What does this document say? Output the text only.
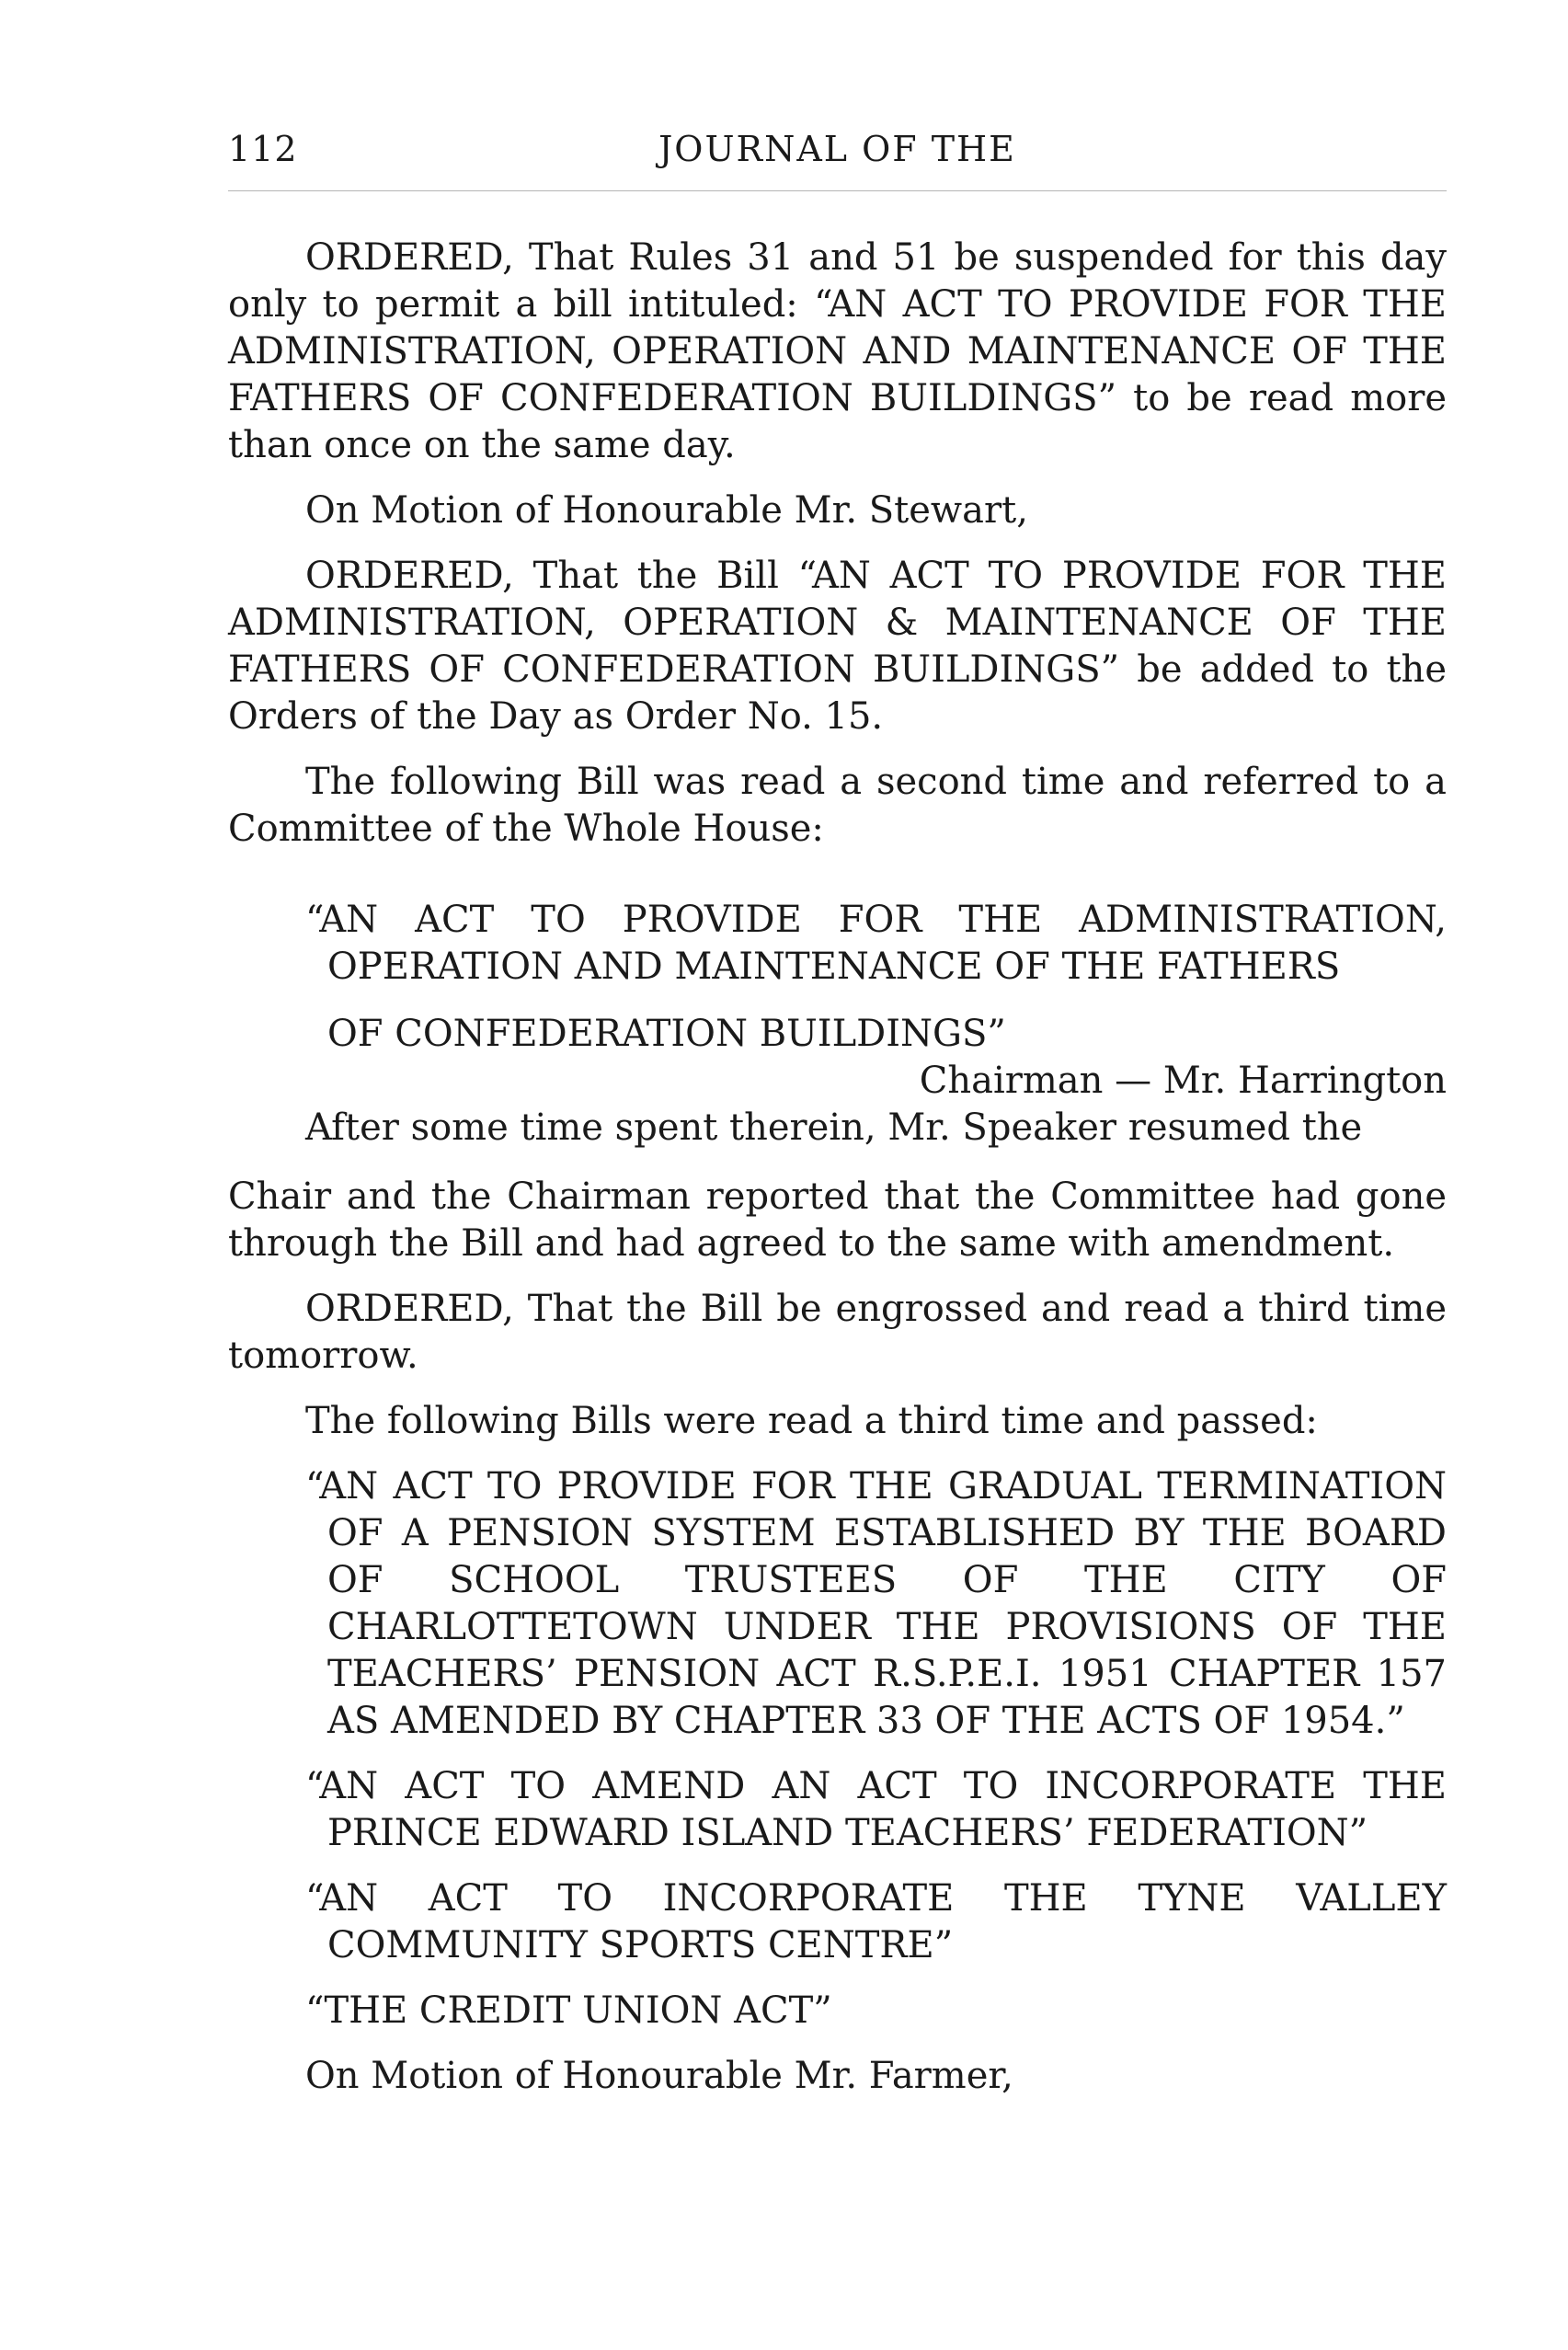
112	JOURNAL OF THE

ORDERED, That Rules 31 and 51 be suspended for this day only to permit a bill intituled: “AN ACT TO PROVIDE FOR THE ADMINISTRATION, OPERATION AND MAINTENANCE OF THE FATHERS OF CONFEDERATION BUILDINGS” to be read more than once on the same day.

On Motion of Honourable Mr. Stewart,

ORDERED, That the Bill “AN ACT TO PROVIDE FOR THE ADMINISTRATION, OPERATION & MAINTENANCE OF THE FATHERS OF CONFEDERATION BUILDINGS” be added to the Orders of the Day as Order No. 15.

The following Bill was read a second time and referred to a Committee of the Whole House:

“AN ACT TO PROVIDE FOR THE ADMINISTRATION, OPERATION AND MAINTENANCE OF THE FATHERS

OF CONFEDERATION BUILDINGS”

Chairman — Mr. Harrington

After some time spent therein, Mr. Speaker resumed the

Chair and the Chairman reported that the Committee had gone through the Bill and had agreed to the same with amendment.

ORDERED, That the Bill be engrossed and read a third time tomorrow.

The following Bills were read a third time and passed:

“AN ACT TO PROVIDE FOR THE GRADUAL TERMINATION OF A PENSION SYSTEM ESTABLISHED BY THE BOARD OF SCHOOL TRUSTEES OF THE CITY OF CHARLOTTETOWN UNDER THE PROVISIONS OF THE TEACHERS’ PENSION ACT R.S.P.E.I. 1951 CHAPTER 157 AS AMENDED BY CHAPTER 33 OF THE ACTS OF 1954.”

“AN ACT TO AMEND AN ACT TO INCORPORATE THE PRINCE EDWARD ISLAND TEACHERS’ FEDERATION”

“AN ACT TO INCORPORATE THE TYNE VALLEY COMMUNITY SPORTS CENTRE”

“THE CREDIT UNION ACT”

On Motion of Honourable Mr. Farmer,
